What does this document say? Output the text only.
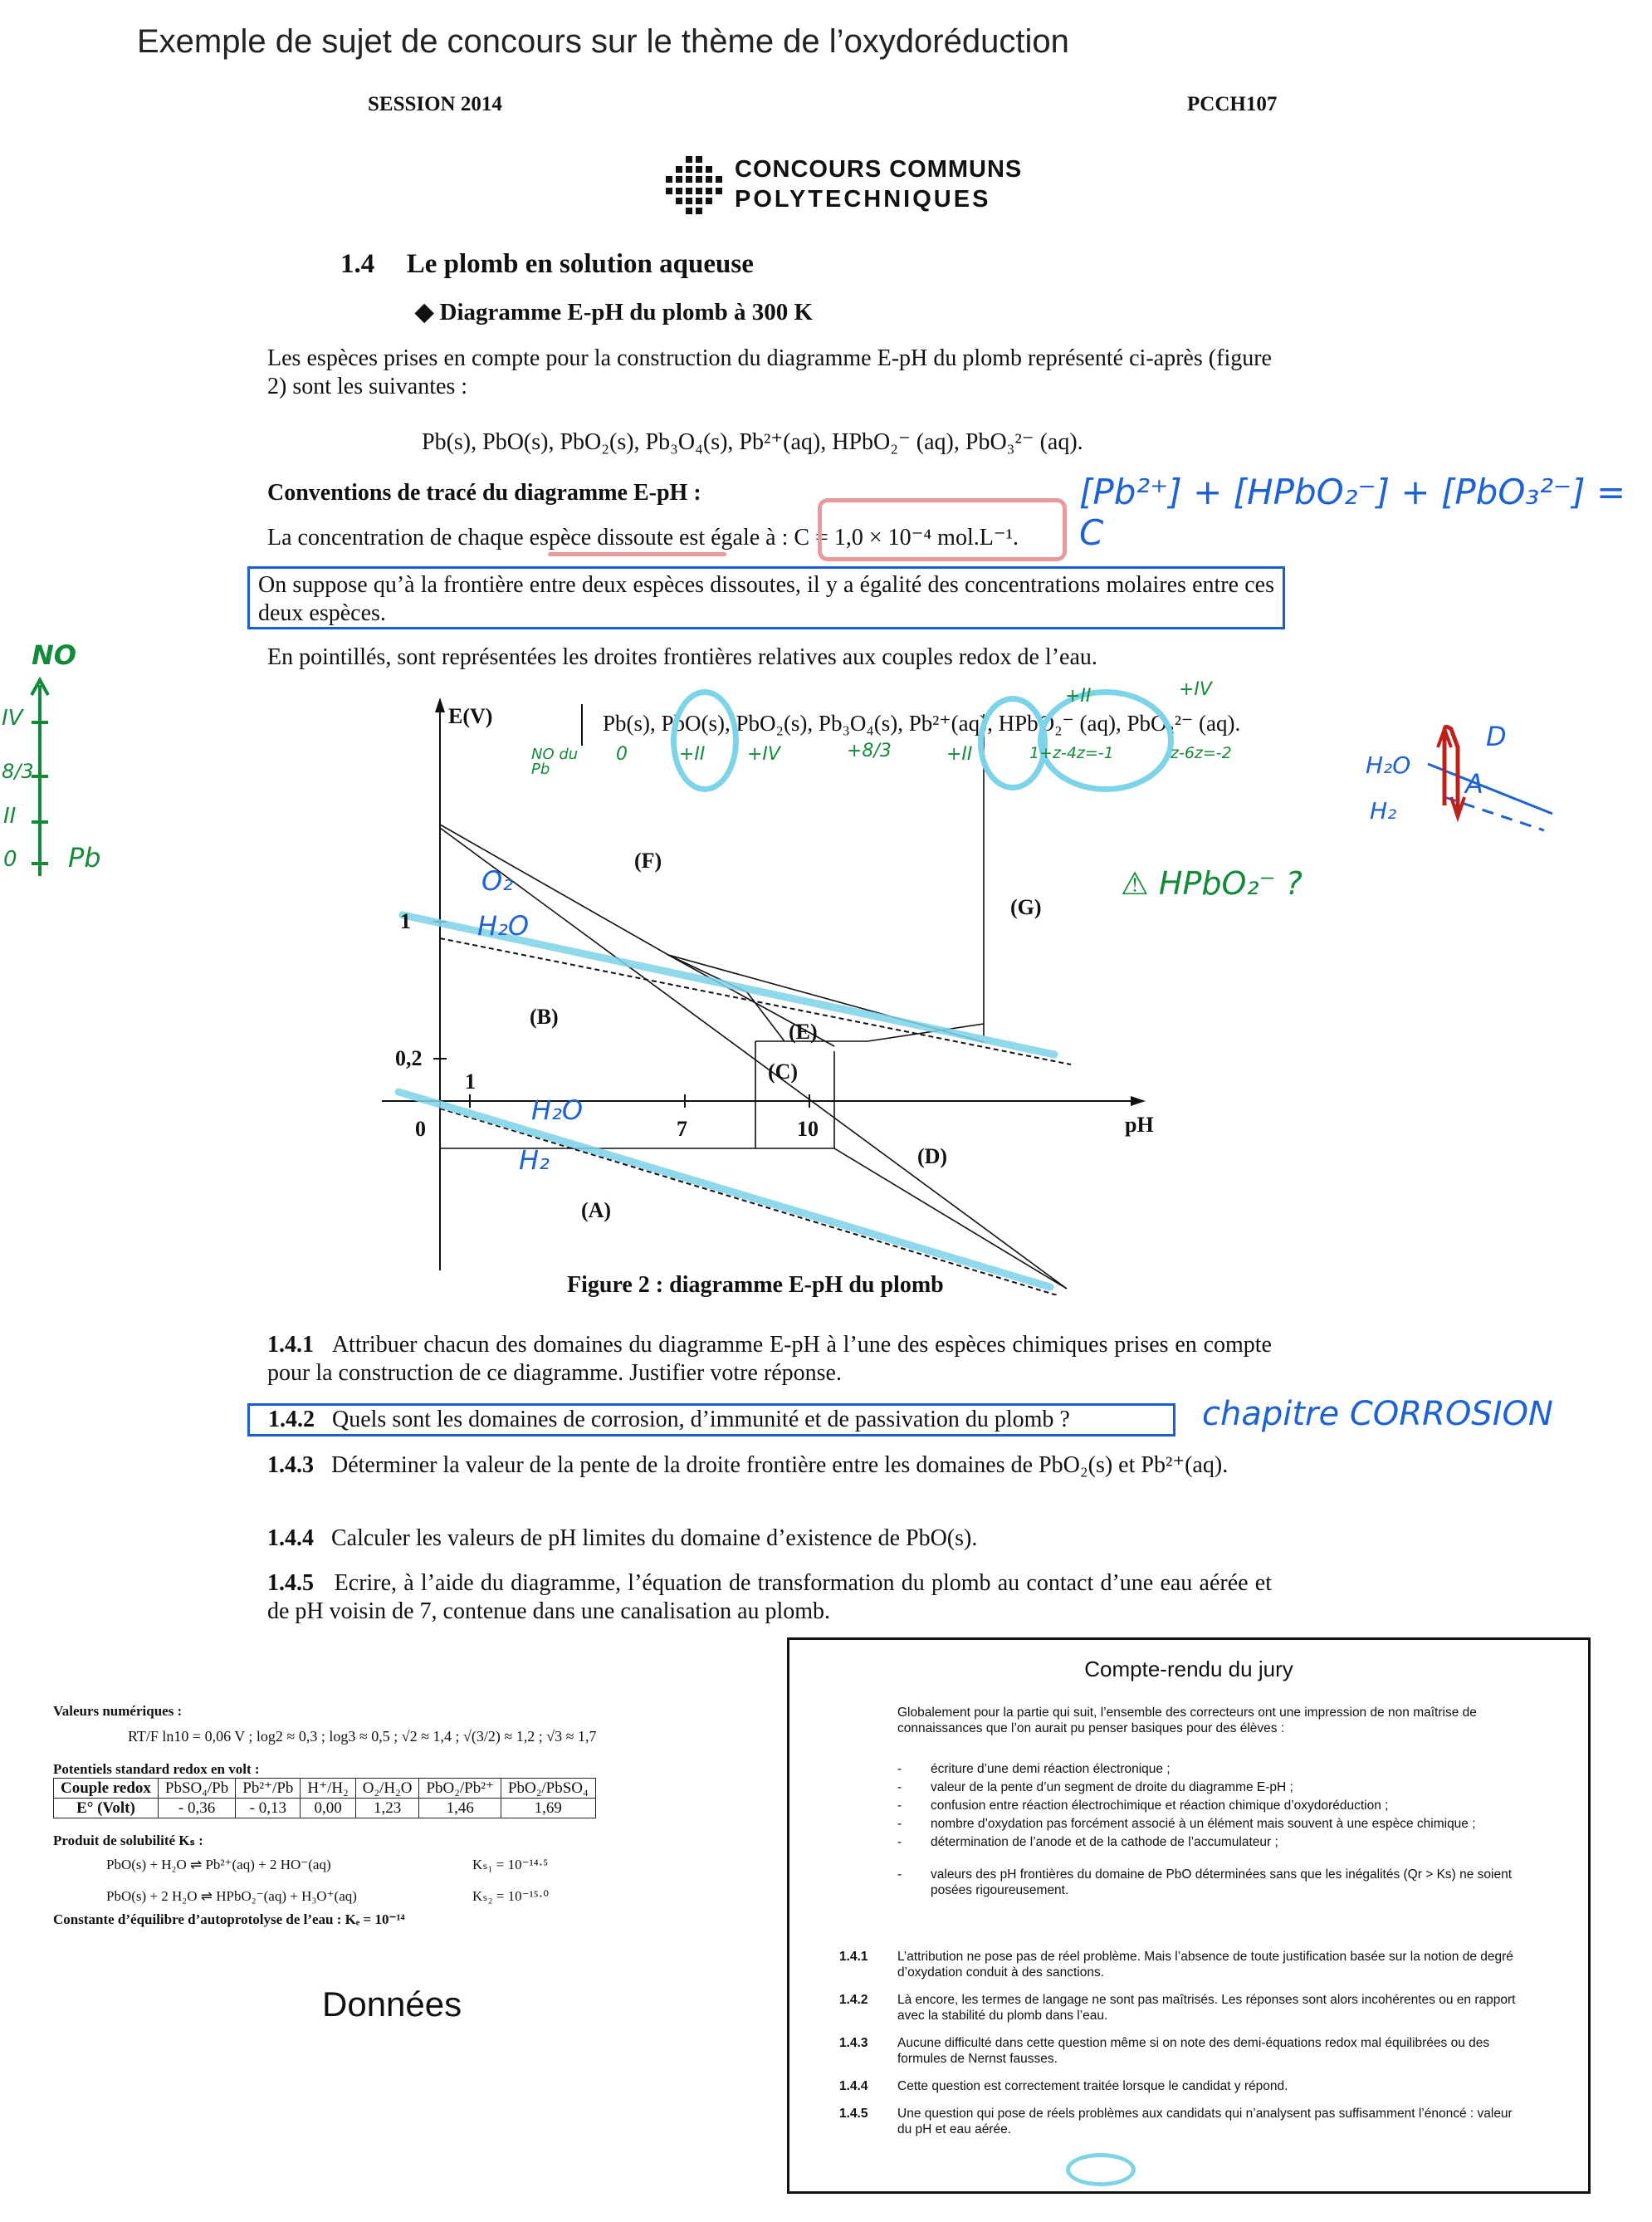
Exemple de sujet de concours sur le thème de l’oxydoréduction
SESSION 2014	PCCH107
CONCOURS COMMUNS
POLYTECHNIQUES
1.4 Le plomb en solution aqueuse
◆ Diagramme E-pH du plomb à 300 K
Les espèces prises en compte pour la construction du diagramme E-pH du plomb représenté ci-après (figure 2) sont les suivantes :
Pb(s), PbO(s), PbO₂(s), Pb₃O₄(s), Pb²⁺(aq), HPbO₂⁻ (aq), PbO₃²⁻ (aq).
Conventions de tracé du diagramme E-pH :
La concentration de chaque espèce dissoute est égale à : C = 1,0 × 10⁻⁴ mol.L⁻¹.
On suppose qu’à la frontière entre deux espèces dissoutes, il y a égalité des concentrations molaires entre ces deux espèces.
En pointillés, sont représentées les droites frontières relatives aux couples redox de l’eau.
[Pb²⁺] + [HPbO₂⁻] + [PbO₃²⁻] = C
NO
IV
8/3
II
0 Pb
E(V)
pH
1
0,2
0
1
7	10
(A)
(B)
(C)
(D)
(E)
(F)
(G)
Pb(s), PbO(s), PbO₂(s), Pb₃O₄(s), Pb²⁺(aq), HPbO₂⁻ (aq), PbO₃²⁻ (aq).
NO du Pb
0	+II +IV	+8/3	+II
+II	+IV
1+z-4z=-1	z-6z=-2
O₂
H₂O
H₂O
H₂
⚠ HPbO₂⁻ ?
H₂O
H₂
D
A
Figure 2 : diagramme E-pH du plomb
1.4.1 Attribuer chacun des domaines du diagramme E-pH à l’une des espèces chimiques prises en compte pour la construction de ce diagramme. Justifier votre réponse.
1.4.2 Quels sont les domaines de corrosion, d’immunité et de passivation du plomb ?	chapitre CORROSION
1.4.3 Déterminer la valeur de la pente de la droite frontière entre les domaines de PbO₂(s) et Pb²⁺(aq).
1.4.4 Calculer les valeurs de pH limites du domaine d’existence de PbO(s).
1.4.5 Ecrire, à l’aide du diagramme, l’équation de transformation du plomb au contact d’une eau aérée et de pH voisin de 7, contenue dans une canalisation au plomb.
Valeurs numériques :
RT/F ln10 = 0,06 V ; log2 ≈ 0,3 ; log3 ≈ 0,5 ; √2 ≈ 1,4 ; √(3/2) ≈ 1,2 ; √3 ≈ 1,7
Potentiels standard redox en volt :
Couple redox	PbSO₄/Pb	Pb²⁺/Pb	H⁺/H₂	O₂/H₂O	PbO₂/Pb²⁺	PbO₂/PbSO₄
E° (Volt)	- 0,36	- 0,13	0,00	1,23	1,46	1,69
Produit de solubilité Kₛ :
PbO(s) + H₂O ⇌ Pb²⁺(aq) + 2 HO⁻(aq)	Kₛ₁ = 10⁻¹⁴·⁵
PbO(s) + 2 H₂O ⇌ HPbO₂⁻(aq) + H₃O⁺(aq)	Kₛ₂ = 10⁻¹⁵·⁰
Constante d’équilibre d’autoprotolyse de l’eau : Kₑ = 10⁻¹⁴
Données
Compte-rendu du jury
Globalement pour la partie qui suit, l’ensemble des correcteurs ont une impression de non maîtrise de connaissances que l’on aurait pu penser basiques pour des élèves :
-	écriture d’une demi réaction électronique ;
-	valeur de la pente d’un segment de droite du diagramme E-pH ;
-	confusion entre réaction électrochimique et réaction chimique d’oxydoréduction ;
-	nombre d’oxydation pas forcément associé à un élément mais souvent à une espèce chimique ;
-	détermination de l’anode et de la cathode de l’accumulateur ;
-	valeurs des pH frontières du domaine de PbO déterminées sans que les inégalités (Qr > Ks) ne soient posées rigoureusement.
1.4.1	L’attribution ne pose pas de réel problème. Mais l’absence de toute justification basée sur la notion de degré d’oxydation conduit à des sanctions.
1.4.2	Là encore, les termes de langage ne sont pas maîtrisés. Les réponses sont alors incohérentes ou en rapport avec la stabilité du plomb dans l’eau.
1.4.3	Aucune difficulté dans cette question même si on note des demi-équations redox mal équilibrées ou des formules de Nernst fausses.
1.4.4	Cette question est correctement traitée lorsque le candidat y répond.
1.4.5	Une question qui pose de réels problèmes aux candidats qui n’analysent pas suffisamment l’énoncé : valeur du pH et eau aérée.
